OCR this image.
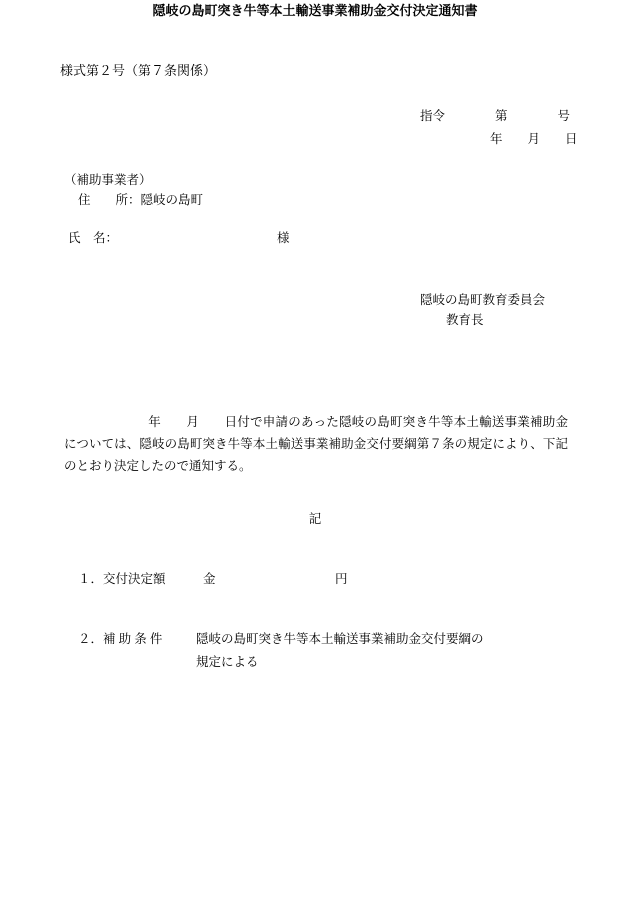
様式第２号（第７条関係）
指令　　　　第　　　　号
年　　月　　日
（補助事業者）
住　　所：隠岐の島町
氏　名：	様
隠岐の島町教育委員会
教育長
隠岐の島町突き牛等本土輸送事業補助金交付決定通知書
年　　月　　日付で申請のあった隠岐の島町突き牛等本土輸送事業補助金については、隠岐の島町突き牛等本土輸送事業補助金交付要綱第７条の規定により、下記のとおり決定したので通知する。
記
１．交付決定額	金	円
２．補 助 条 件	隠岐の島町突き牛等本土輸送事業補助金交付要綱の
規定による
